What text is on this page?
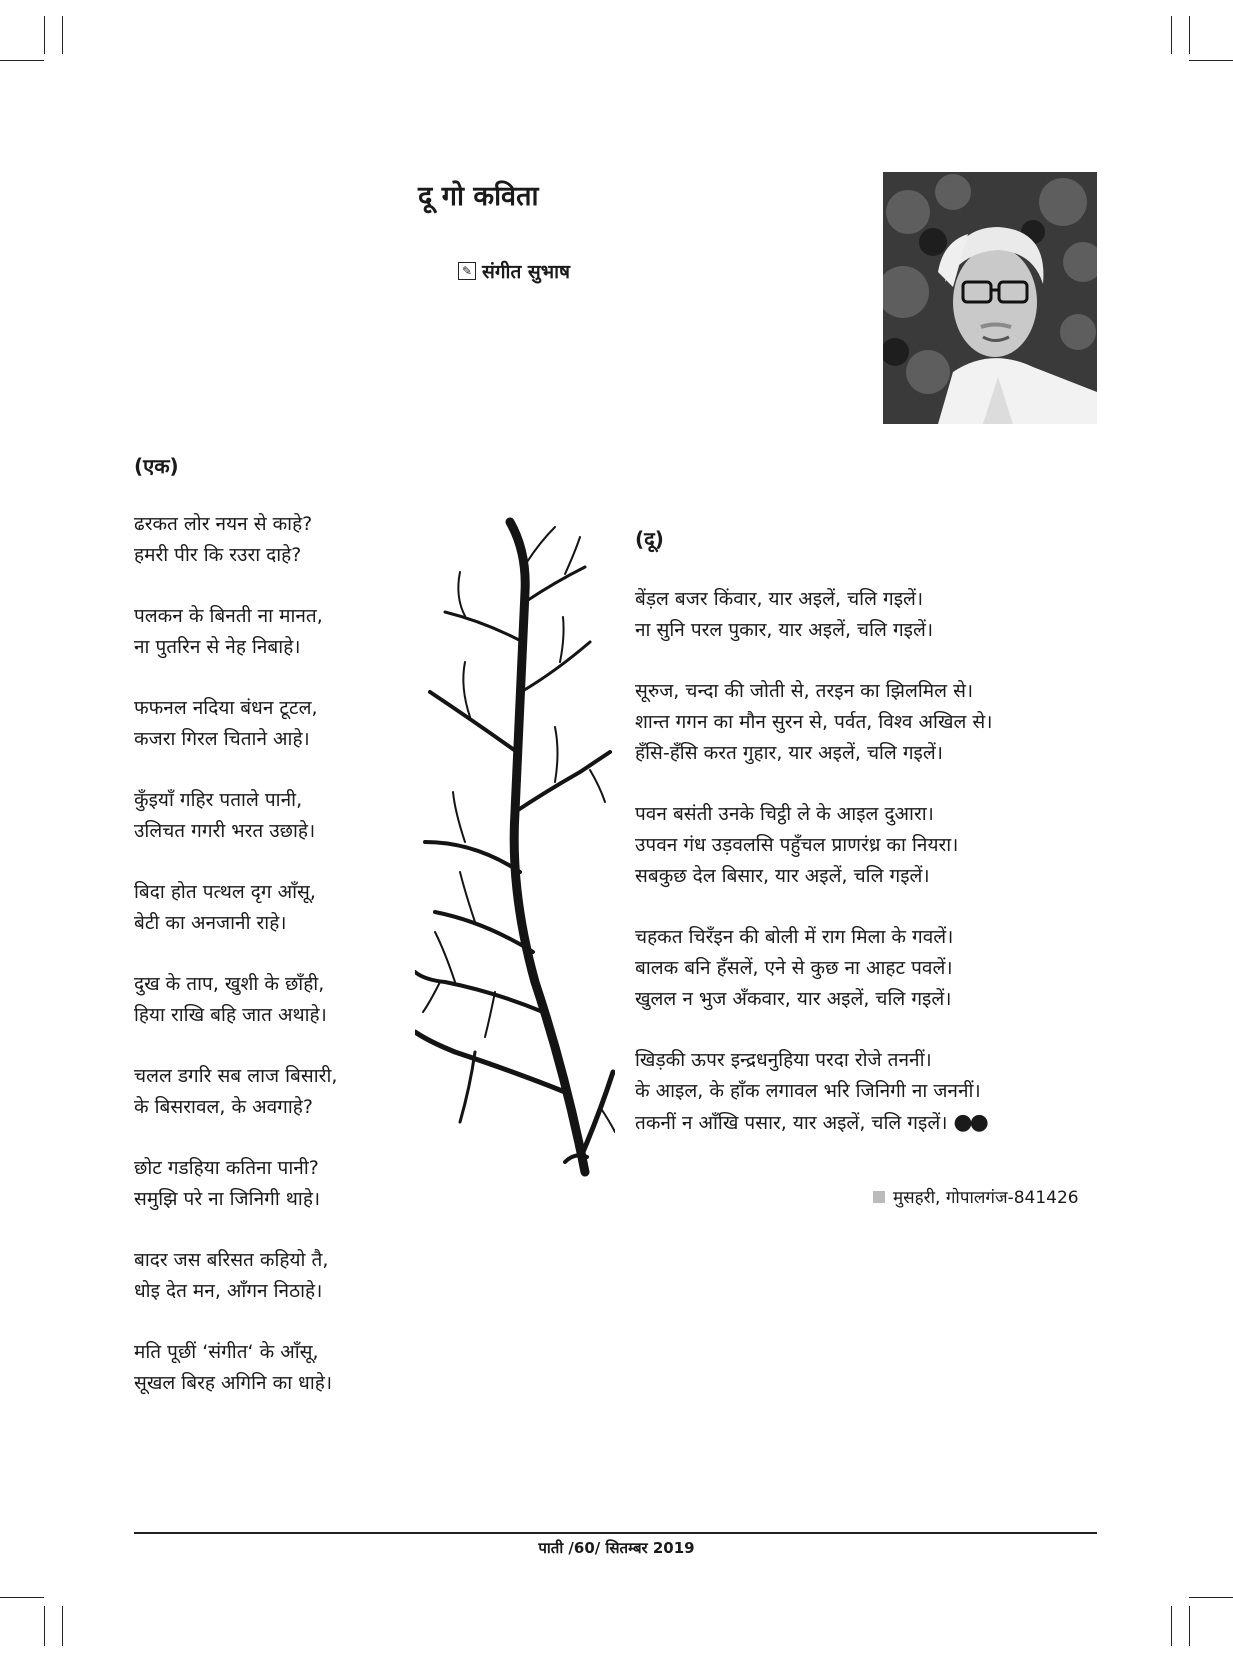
दू गो कविता
✎ संगीत सुभाष
(एक)
ढरकत लोर नयन से काहे?
हमरी पीर कि रउरा दाहे?
पलकन के बिनती ना मानत,
ना पुतरिन से नेह निबाहे।
फफनल नदिया बंधन टूटल,
कजरा गिरल चिताने आहे।
कुँइयाँ गहिर पताले पानी,
उलिचत गगरी भरत उछाहे।
बिदा होत पत्थल दृग आँसू,
बेटी का अनजानी राहे।
दुख के ताप, खुशी के छाँही,
हिया राखि बहि जात अथाहे।
चलल डगरि सब लाज बिसारी,
के बिसरावल, के अवगाहे?
छोट गडहिया कतिना पानी?
समुझि परे ना जिनिगी थाहे।
बादर जस बरिसत कहियो तै,
धोइ देत मन, आँगन निठाहे।
मति पूछीं ‘संगीत‘ के आँसू,
सूखल बिरह अगिनि का धाहे।
(दू)
बेंड़ल बजर किंवार, यार अइलें, चलि गइलें।
ना सुनि परल पुकार, यार अइलें, चलि गइलें।
सूरुज, चन्दा की जोती से, तरइन का झिलमिल से।
शान्त गगन का मौन सुरन से, पर्वत, विश्व अखिल से।
हँसि-हँसि करत गुहार, यार अइलें, चलि गइलें।
पवन बसंती उनके चिट्ठी ले के आइल दुआरा।
उपवन गंध उड़वलसि पहुँचल प्राणरंध्र का नियरा।
सबकुछ देल बिसार, यार अइलें, चलि गइलें।
चहकत चिरँइन की बोली में राग मिला के गवलें।
बालक बनि हँसलें, एने से कुछ ना आहट पवलें।
खुलल न भुज अँकवार, यार अइलें, चलि गइलें।
खिड़की ऊपर इन्द्रधनुहिया परदा रोजे तननीं।
के आइल, के हाँक लगावल भरि जिनिगी ना जननीं।
तकनीं न आँखि पसार, यार अइलें, चलि गइलें। ●●
मुसहरी, गोपालगंज-841426
पाती /60/ सितम्बर 2019
